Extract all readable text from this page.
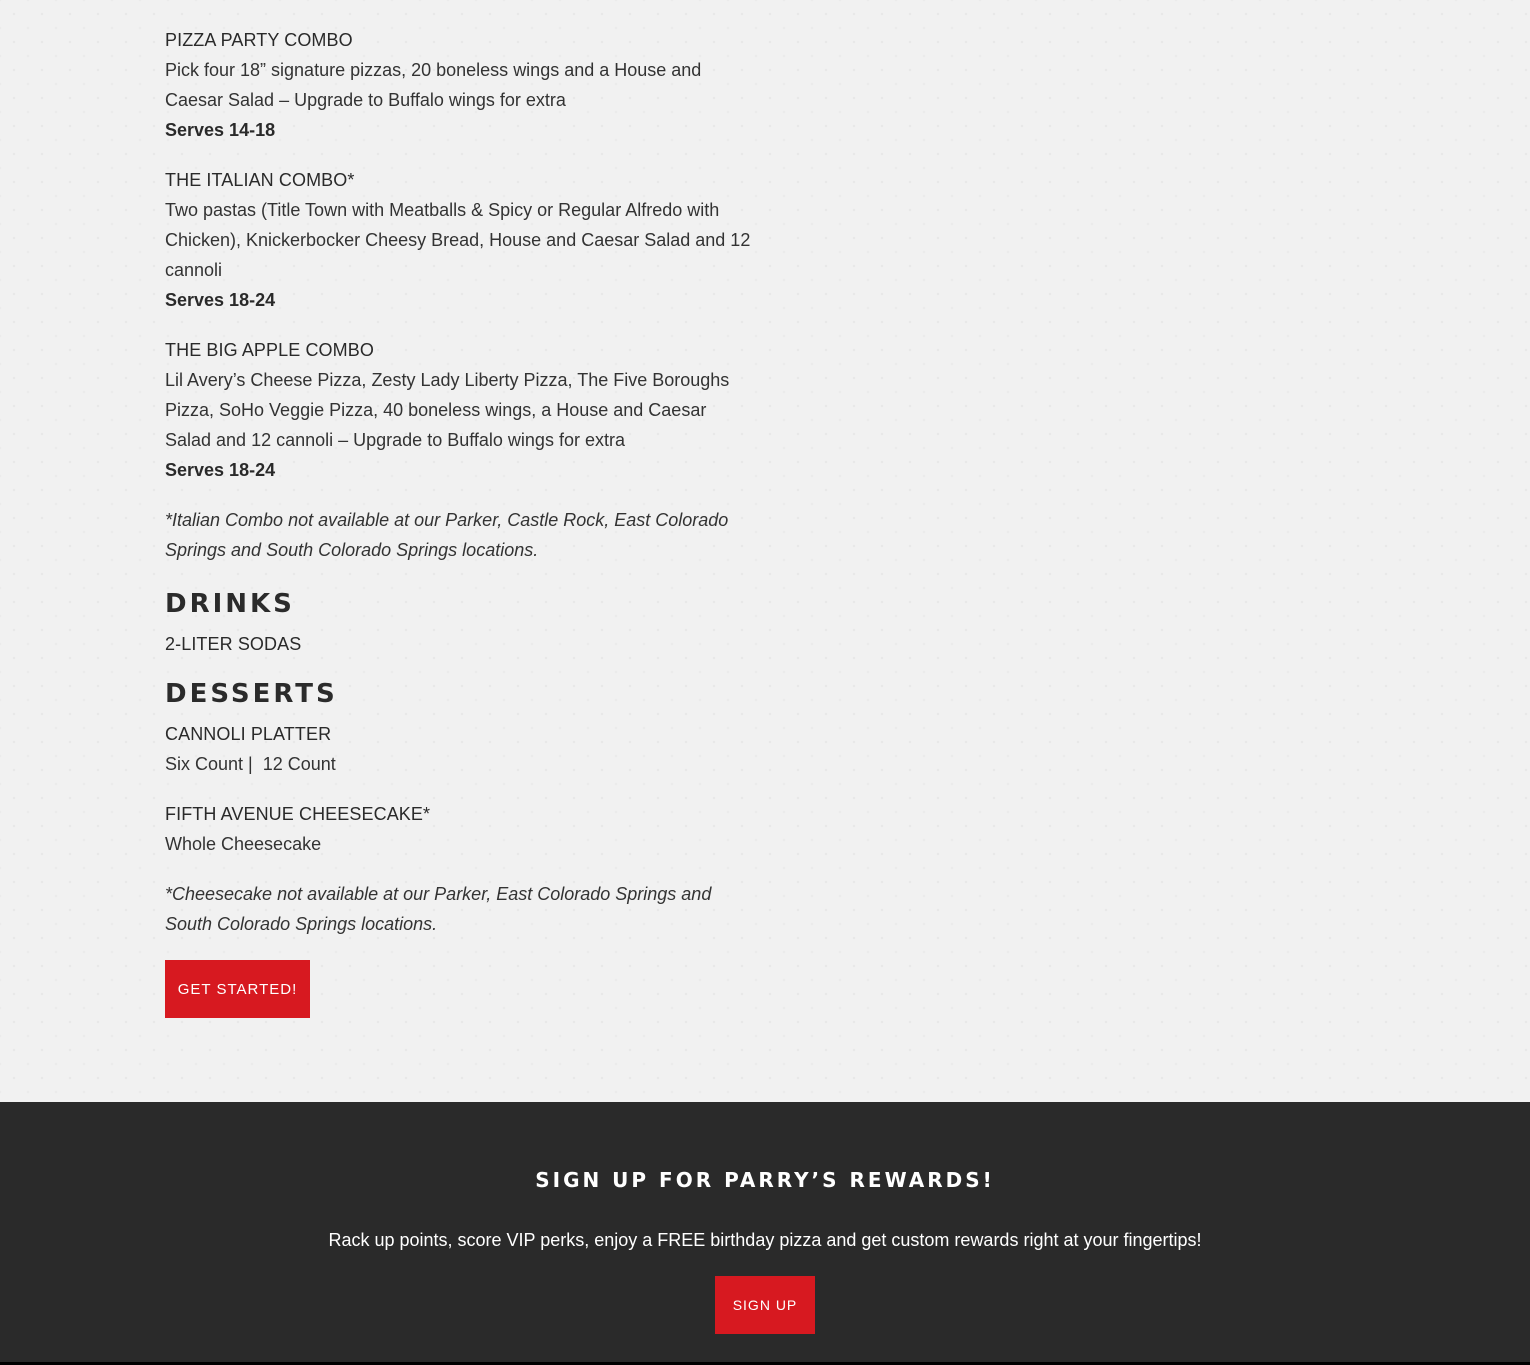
PIZZA PARTY COMBO
Pick four 18” signature pizzas, 20 boneless wings and a House and Caesar Salad – Upgrade to Buffalo wings for extra
Serves 14-18
THE ITALIAN COMBO*
Two pastas (Title Town with Meatballs & Spicy or Regular Alfredo with Chicken), Knickerbocker Cheesy Bread, House and Caesar Salad and 12 cannoli
Serves 18-24
THE BIG APPLE COMBO
Lil Avery’s Cheese Pizza, Zesty Lady Liberty Pizza, The Five Boroughs Pizza, SoHo Veggie Pizza, 40 boneless wings, a House and Caesar Salad and 12 cannoli – Upgrade to Buffalo wings for extra
Serves 18-24
*Italian Combo not available at our Parker, Castle Rock, East Colorado Springs and South Colorado Springs locations.
DRINKS
2-LITER SODAS
DESSERTS
CANNOLI PLATTER
Six Count |  12 Count
FIFTH AVENUE CHEESECAKE*
Whole Cheesecake
*Cheesecake not available at our Parker, East Colorado Springs and South Colorado Springs locations.
GET STARTED!
SIGN UP FOR PARRY’S REWARDS!
Rack up points, score VIP perks, enjoy a FREE birthday pizza and get custom rewards right at your fingertips!
SIGN UP
